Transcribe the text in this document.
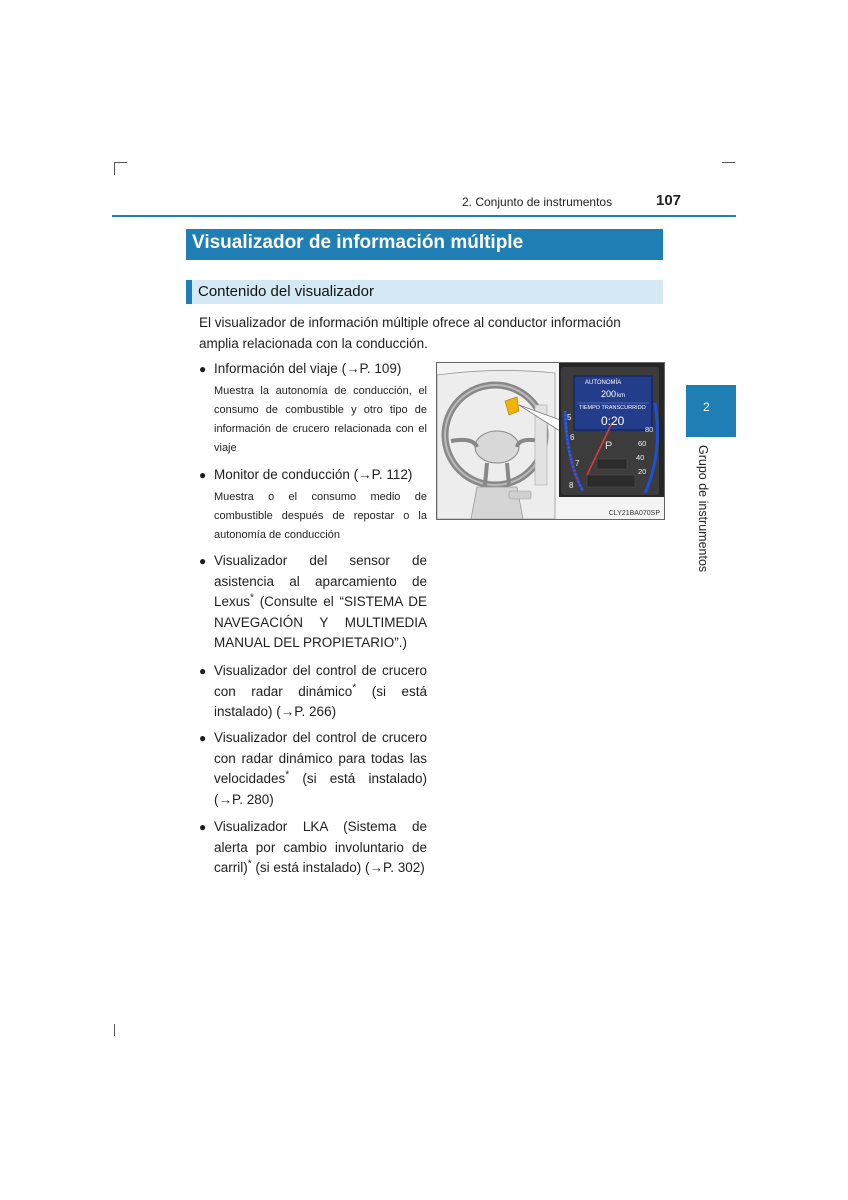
2. Conjunto de instrumentos	107
Visualizador de información múltiple
Contenido del visualizador
El visualizador de información múltiple ofrece al conductor información amplia relacionada con la conducción.
● Información del viaje (→P. 109)
Muestra la autonomía de conducción, el consumo de combustible y otro tipo de información de crucero relacionada con el viaje
● Monitor de conducción (→P. 112)
Muestra o el consumo medio de combustible después de repostar o la autonomía de conducción
● Visualizador del sensor de asistencia al aparcamiento de Lexus* (Consulte el “SISTEMA DE NAVEGACIÓN Y MULTIMEDIA MANUAL DEL PROPIETARIO”.)
● Visualizador del control de crucero con radar dinámico* (si está instalado) (→P. 266)
● Visualizador del control de crucero con radar dinámico para todas las velocidades* (si está instalado) (→P. 280)
● Visualizador LKA (Sistema de alerta por cambio involuntario de carril)* (si está instalado) (→P. 302)
AUTONOMÍA
200km
TIEMPO TRANSCURRIDO
0:20
P
5
6
7
8
80
60
40
20
CLY21BA070SP
2
Grupo de instrumentos
